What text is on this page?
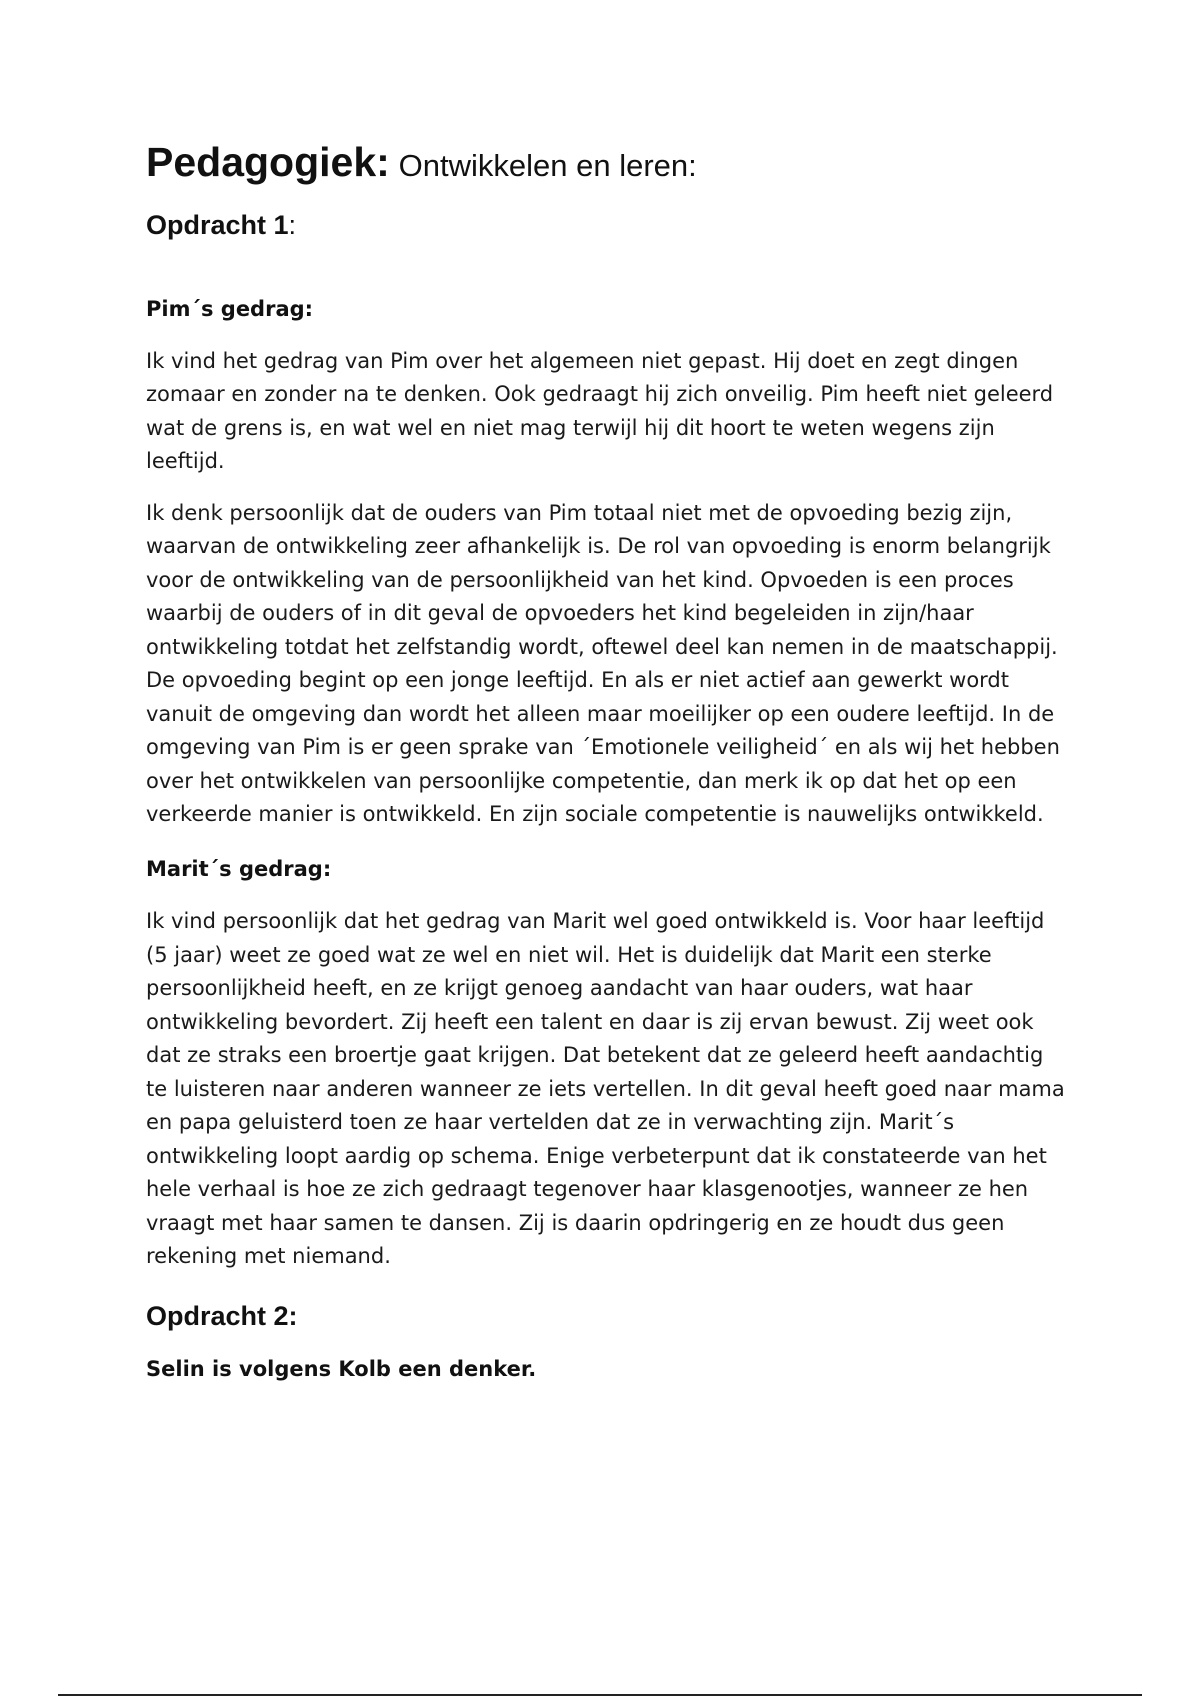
Pedagogiek: Ontwikkelen en leren:
Opdracht 1:
Pim´s gedrag:

Ik vind het gedrag van Pim over het algemeen niet gepast. Hij doet en zegt dingen zomaar en zonder na te denken. Ook gedraagt hij zich onveilig. Pim heeft niet geleerd wat de grens is, en wat wel en niet mag terwijl hij dit hoort te weten wegens zijn leeftijd.

Ik denk persoonlijk dat de ouders van Pim totaal niet met de opvoeding bezig zijn, waarvan de ontwikkeling zeer afhankelijk is. De rol van opvoeding is enorm belangrijk voor de ontwikkeling van de persoonlijkheid van het kind. Opvoeden is een proces waarbij de ouders of in dit geval de opvoeders het kind begeleiden in zijn/haar ontwikkeling totdat het zelfstandig wordt, oftewel deel kan nemen in de maatschappij. De opvoeding begint op een jonge leeftijd. En als er niet actief aan gewerkt wordt vanuit de omgeving dan wordt het alleen maar moeilijker op een oudere leeftijd. In de omgeving van Pim is er geen sprake van ´Emotionele veiligheid´ en als wij het hebben over het ontwikkelen van persoonlijke competentie, dan merk ik op dat het op een verkeerde manier is ontwikkeld. En zijn sociale competentie is nauwelijks ontwikkeld.

Marit´s gedrag:

Ik vind persoonlijk dat het gedrag van Marit wel goed ontwikkeld is. Voor haar leeftijd (5 jaar) weet ze goed wat ze wel en niet wil. Het is duidelijk dat Marit een sterke persoonlijkheid heeft, en ze krijgt genoeg aandacht van haar ouders, wat haar ontwikkeling bevordert. Zij heeft een talent en daar is zij ervan bewust. Zij weet ook dat ze straks een broertje gaat krijgen. Dat betekent dat ze geleerd heeft aandachtig te luisteren naar anderen wanneer ze iets vertellen. In dit geval heeft goed naar mama en papa geluisterd toen ze haar vertelden dat ze in verwachting zijn. Marit´s ontwikkeling loopt aardig op schema. Enige verbeterpunt dat ik constateerde van het hele verhaal is hoe ze zich gedraagt tegenover haar klasgenootjes, wanneer ze hen vraagt met haar samen te dansen. Zij is daarin opdringerig en ze houdt dus geen rekening met niemand.

Opdracht 2:
Selin is volgens Kolb een denker.
